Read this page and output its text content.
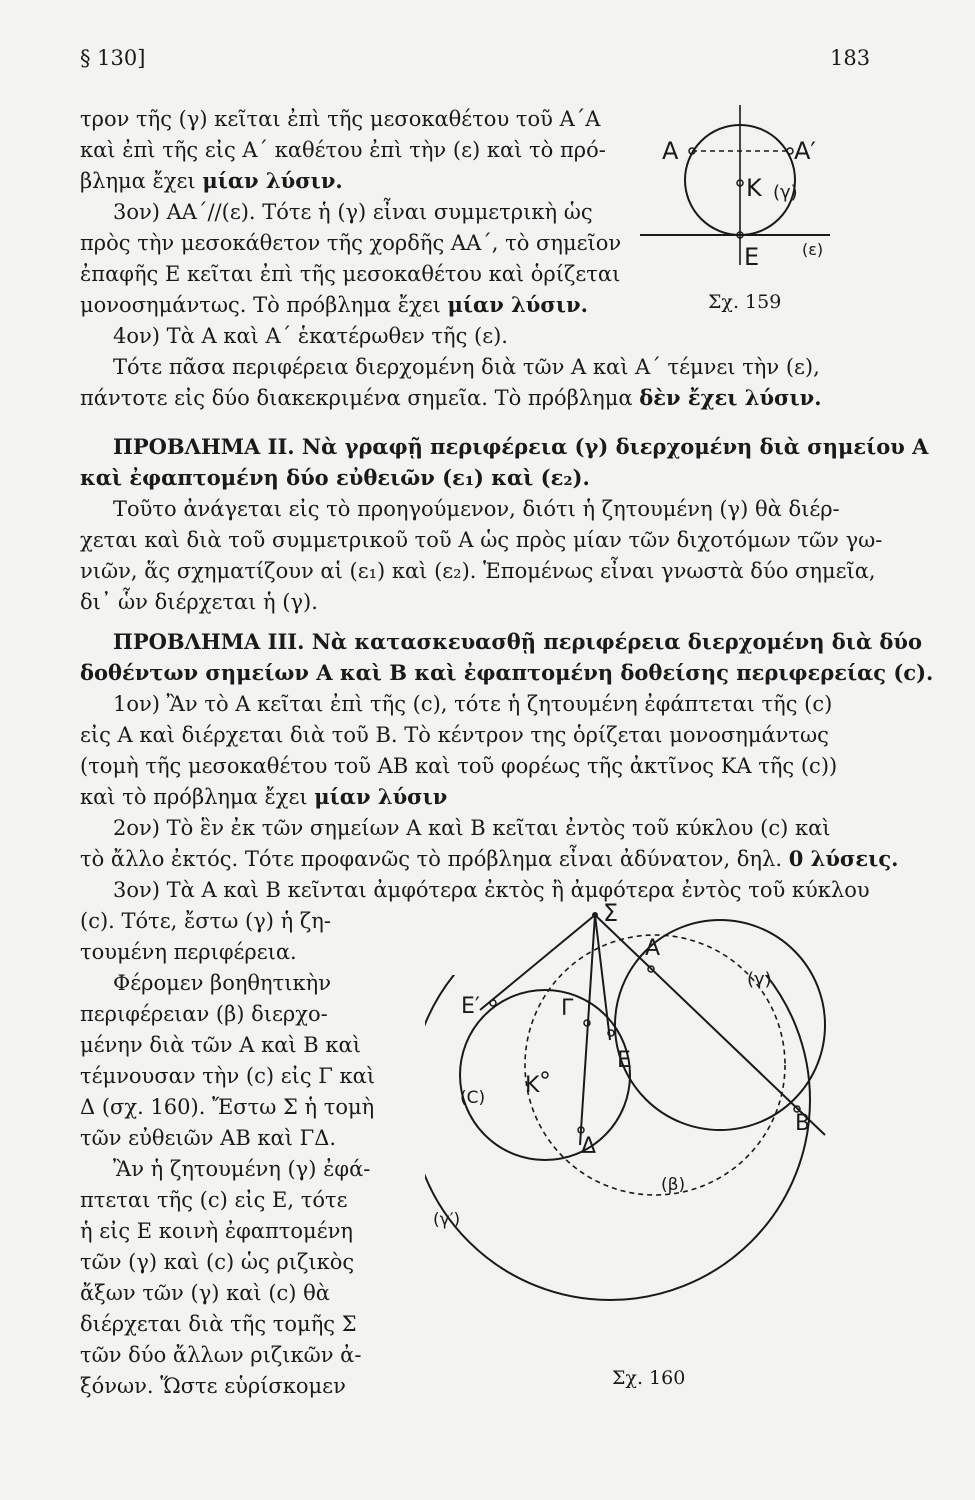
§ 130]	183
τρον τῆς (γ) κεῖται ἐπὶ τῆς μεσοκαθέτου τοῦ Α΄Α
καὶ ἐπὶ τῆς εἰς Α΄ καθέτου ἐπὶ τὴν (ε) καὶ τὸ πρό-
βλημα ἔχει μίαν λύσιν.
3ον) ΑΑ΄//(ε). Τότε ἡ (γ) εἶναι συμμετρικὴ ὡς
πρὸς τὴν μεσοκάθετον τῆς χορδῆς ΑΑ΄, τὸ σημεῖον
ἐπαφῆς Ε κεῖται ἐπὶ τῆς μεσοκαθέτου καὶ ὁρίζεται
μονοσημάντως. Τὸ πρόβλημα ἔχει μίαν λύσιν.
4ον) Τὰ Α καὶ Α΄ ἑκατέρωθεν τῆς (ε).
Τότε πᾶσα περιφέρεια διερχομένη διὰ τῶν Α καὶ Α΄ τέμνει τὴν (ε),
πάντοτε εἰς δύο διακεκριμένα σημεῖα. Τὸ πρόβλημα δὲν ἔχει λύσιν.
ΠΡΟΒΛΗΜΑ ΙΙ. Νὰ γραφῇ περιφέρεια (γ) διερχομένη διὰ σημείου Α
καὶ ἐφαπτομένη δύο εὐθειῶν (ε₁) καὶ (ε₂).
Τοῦτο ἀνάγεται εἰς τὸ προηγούμενον, διότι ἡ ζητουμένη (γ) θὰ διέρ-
χεται καὶ διὰ τοῦ συμμετρικοῦ τοῦ Α ὡς πρὸς μίαν τῶν διχοτόμων τῶν γω-
νιῶν, ἅς σχηματίζουν αἱ (ε₁) καὶ (ε₂). Ἑπομένως εἶναι γνωστὰ δύο σημεῖα,
δι᾿ ὧν διέρχεται ἡ (γ).
ΠΡΟΒΛΗΜΑ ΙΙΙ. Νὰ κατασκευασθῇ περιφέρεια διερχομένη διὰ δύο
δοθέντων σημείων Α καὶ Β καὶ ἐφαπτομένη δοθείσης περιφερείας (c).
1ον) Ἂν τὸ Α κεῖται ἐπὶ τῆς (c), τότε ἡ ζητουμένη ἐφάπτεται τῆς (c)
εἰς Α καὶ διέρχεται διὰ τοῦ Β. Τὸ κέντρον της ὁρίζεται μονοσημάντως
(τομὴ τῆς μεσοκαθέτου τοῦ ΑΒ καὶ τοῦ φορέως τῆς ἀκτῖνος ΚΑ τῆς (c))
καὶ τὸ πρόβλημα ἔχει μίαν λύσιν
2ον) Τὸ ἓν ἐκ τῶν σημείων Α καὶ Β κεῖται ἐντὸς τοῦ κύκλου (c) καὶ
τὸ ἄλλο ἐκτός. Τότε προφανῶς τὸ πρόβλημα εἶναι ἀδύνατον, δηλ. 0 λύσεις.
3ον) Τὰ Α καὶ Β κεῖνται ἀμφότερα ἐκτὸς ἢ ἀμφότερα ἐντὸς τοῦ κύκλου
(c). Τότε, ἔστω (γ) ἡ ζη-
τουμένη περιφέρεια.
Φέρομεν βοηθητικὴν
περιφέρειαν (β) διερχο-
μένην διὰ τῶν Α καὶ Β καὶ
τέμνουσαν τὴν (c) εἰς Γ καὶ
Δ (σχ. 160). Ἔστω Σ ἡ τομὴ
τῶν εὐθειῶν ΑΒ καὶ ΓΔ.
Ἂν ἡ ζητουμένη (γ) ἐφά-
πτεται τῆς (c) εἰς Ε, τότε
ἡ εἰς Ε κοινὴ ἐφαπτομένη
τῶν (γ) καὶ (c) ὡς ριζικὸς
ἄξων τῶν (γ) καὶ (c) θὰ
διέρχεται διὰ τῆς τομῆς Σ
τῶν δύο ἄλλων ριζικῶν ἀ-
ξόνων. Ὥστε εὑρίσκομεν
A	A′
K (γ)
E	(ε)
Σχ. 159
Σ
A
(γ)
E′	Γ
E
K
(C)
B
Δ
(β)
(γ′)
Σχ. 160
